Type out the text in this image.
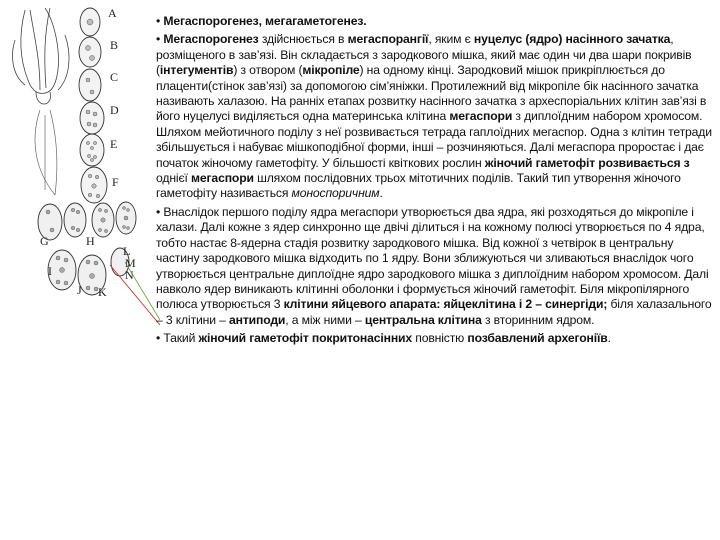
A
B
C
D
E
F
G	H
I
J K
L
M
N

• Мегаспорогенез, мегагаметогенез.

• Мегаспорогенез здійснюється в мегаспорангії, яким є нуцелус (ядро) насінного зачатка, розміщеного в зав’язі. Він складається з зародкового мішка, який має один чи два шари покривів (інтегументів) з отвором (мікропіле) на одному кінці. Зародковий мішок прикріплюється до плаценти(стінок зав’язі) за допомогою сім’яніжки. Протилежний від мікропіле бік насінного зачатка називають халазою. На ранніх етапах розвитку насінного зачатка з археспоріальних клітин зав’язі в його нуцелусі виділяється одна материнська клітина мегаспори з диплоїдним набором хромосом. Шляхом мейотичного поділу з неї розвивається тетрада гаплоїдних мегаспор. Одна з клітин тетради збільшується і набуває мішкоподібної форми, інші – розчиняються. Далі мегаспора проростає і дає початок жіночому гаметофіту. У більшості квіткових рослин жіночий гаметофіт розвивається з однієї мегаспори шляхом послідовних трьох мітотичних поділів. Такий тип утворення жіночого гаметофіту називається моноспоричним.

• Внаслідок першого поділу ядра мегаспори утворюється два ядра, які розходяться до мікропіле і халази. Далі кожне з ядер синхронно ще двічі ділиться і на кожному полюсі утворюється по 4 ядра, тобто настає 8-ядерна стадія розвитку зародкового мішка. Від кожної з четвірок в центральну частину зародкового мішка відходить по 1 ядру. Вони зближуються чи зливаються внаслідок чого утворюється центральне диплоїдне ядро зародкового мішка з диплоїдним набором хромосом. Далі навколо ядер виникають клітинні оболонки і формується жіночий гаметофіт. Біля мікропілярного полюса утворюється 3 клітини яйцевого апарата: яйцеклітина і 2 – синергіди; біля халазального – 3 клітини – антиподи, а між ними – центральна клітина з вторинним ядром.

• Такий жіночий гаметофіт покритонасінних повністю позбавлений архегоніїв.
